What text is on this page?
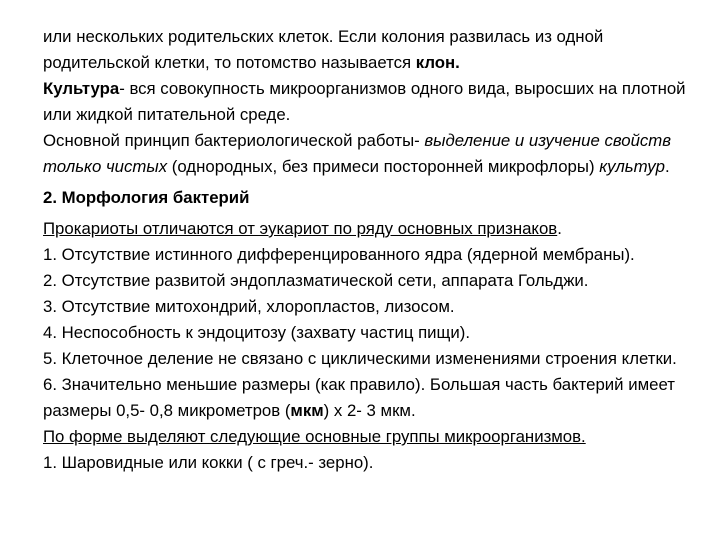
или нескольких родительских клеток. Если колония развилась из одной родительской клетки, то потомство называется клон.

Культура- вся совокупность микроорганизмов одного вида, выросших на плотной или жидкой питательной среде.

Основной принцип бактериологической работы- выделение и изучение свойств только чистых (однородных, без примеси посторонней микрофлоры) культур.

2. Морфология бактерий

Прокариоты отличаются от эукариот по ряду основных признаков.

1. Отсутствие истинного дифференцированного ядра (ядерной мембраны).

2. Отсутствие развитой эндоплазматической сети, аппарата Гольджи.

3. Отсутствие митохондрий, хлоропластов, лизосом.

4. Неспособность к эндоцитозу (захвату частиц пищи).

5. Клеточное деление не связано с циклическими изменениями строения клетки.

6. Значительно меньшие размеры (как правило). Большая часть бактерий имеет размеры 0,5- 0,8 микрометров (мкм) х 2- 3 мкм.

По форме выделяют следующие основные группы микроорганизмов.

1. Шаровидные или кокки ( с греч.- зерно).
